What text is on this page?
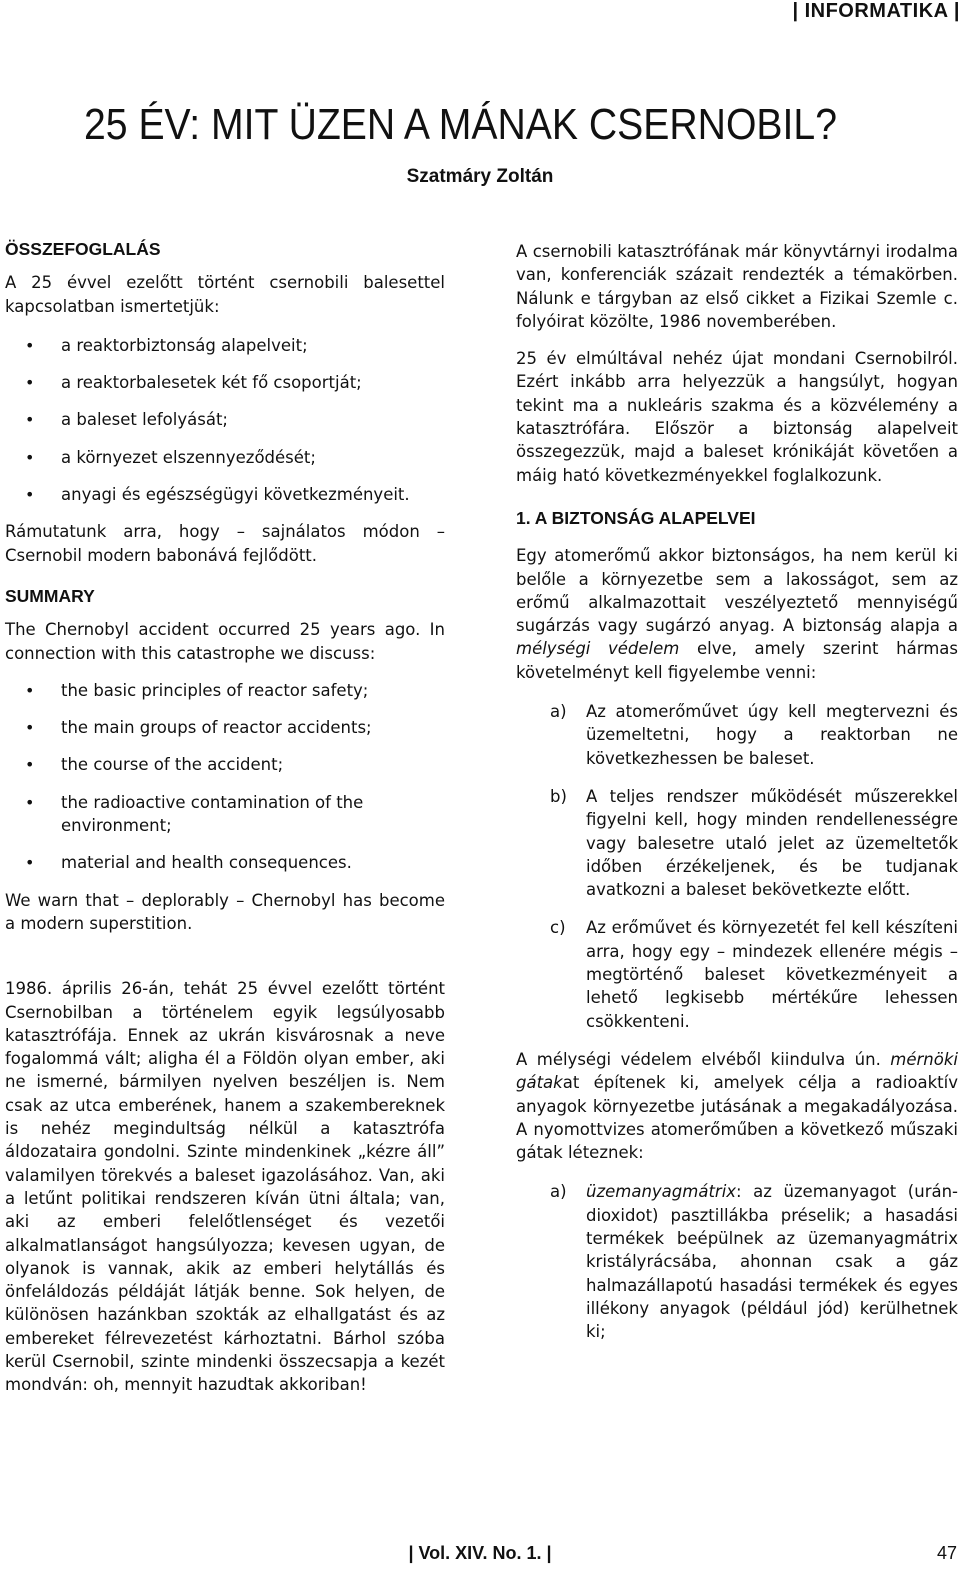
| INFORMATIKA |
25 ÉV: MIT ÜZEN A MÁNAK CSERNOBIL?
Szatmáry Zoltán
ÖSSZEFOGLALÁS

A 25 évvel ezelőtt történt csernobili balesettel kapcsolatban ismertetjük:

• a reaktorbiztonság alapelveit;
• a reaktorbalesetek két fő csoportját;
• a baleset lefolyását;
• a környezet elszennyeződését;
• anyagi és egészségügyi következményeit.

Rámutatunk arra, hogy – sajnálatos módon – Csernobil modern babonává fejlődött.

SUMMARY

The Chernobyl accident occurred 25 years ago. In connection with this catastrophe we discuss:

• the basic principles of reactor safety;
• the main groups of reactor accidents;
• the course of the accident;
• the radioactive contamination of the environment;
• material and health consequences.

We warn that – deplorably – Chernobyl has become a modern superstition.

1986. április 26-án, tehát 25 évvel ezelőtt történt Csernobilban a történelem egyik legsúlyosabb katasztrófája. Ennek az ukrán kisvárosnak a neve fogalommá vált; aligha él a Földön olyan ember, aki ne ismerné, bármilyen nyelven beszéljen is. Nem csak az utca emberének, hanem a szakembereknek is nehéz megindultság nélkül a katasztrófa áldozataira gondolni. Szinte mindenkinek „kézre áll” valamilyen törekvés a baleset igazolásához. Van, aki a letűnt politikai rendszeren kíván ütni általa; van, aki az emberi felelőtlenséget és vezetői alkalmatlanságot hangsúlyozza; kevesen ugyan, de olyanok is vannak, akik az emberi helytállás és önfeláldozás példáját látják benne. Sok helyen, de különösen hazánkban szokták az elhallgatást és az embereket félrevezetést kárhoztatni. Bárhol szóba kerül Csernobil, szinte mindenki összecsapja a kezét mondván: oh, mennyit hazudtak akkoriban!

A csernobili katasztrófának már könyvtárnyi irodalma van, konferenciák százait rendezték a témakörben. Nálunk e tárgyban az első cikket a Fizikai Szemle c. folyóirat közölte, 1986 novemberében.

25 év elmúltával nehéz újat mondani Csernobilról. Ezért inkább arra helyezzük a hangsúlyt, hogyan tekint ma a nukleáris szakma és a közvélemény a katasztrófára. Először a biztonság alapelveit összegezzük, majd a baleset krónikáját követően a máig ható következményekkel foglalkozunk.

1. A BIZTONSÁG ALAPELVEI

Egy atomerőmű akkor biztonságos, ha nem kerül ki belőle a környezetbe sem a lakosságot, sem az erőmű alkalmazottait veszélyeztető mennyiségű sugárzás vagy sugárzó anyag. A biztonság alapja a mélységi védelem elve, amely szerint hármas követelményt kell figyelembe venni:

a) Az atomerőművet úgy kell megtervezni és üzemeltetni, hogy a reaktorban ne következhessen be baleset.
b) A teljes rendszer működését műszerekkel figyelni kell, hogy minden rendellenességre vagy balesetre utaló jelet az üzemeltetők időben érzékeljenek, és be tudjanak avatkozni a baleset bekövetkezte előtt.
c) Az erőművet és környezetét fel kell készíteni arra, hogy egy – mindezek ellenére mégis – megtörténő baleset következményeit a lehető legkisebb mértékűre lehessen csökkenteni.

A mélységi védelem elvéből kiindulva ún. mérnöki gátakat építenek ki, amelyek célja a radioaktív anyagok környezetbe jutásának a megakadályozása. A nyomottvizes atomerőműben a következő műszaki gátak léteznek:

a) üzemanyagmátrix: az üzemanyagot (urán-dioxidot) pasztillákba préselik; a hasadási termékek beépülnek az üzemanyagmátrix kristályrácsába, ahonnan csak a gáz halmazállapotú hasadási termékek és egyes illékony anyagok (például jód) kerülhetnek ki;
| Vol. XIV. No. 1. |	47
